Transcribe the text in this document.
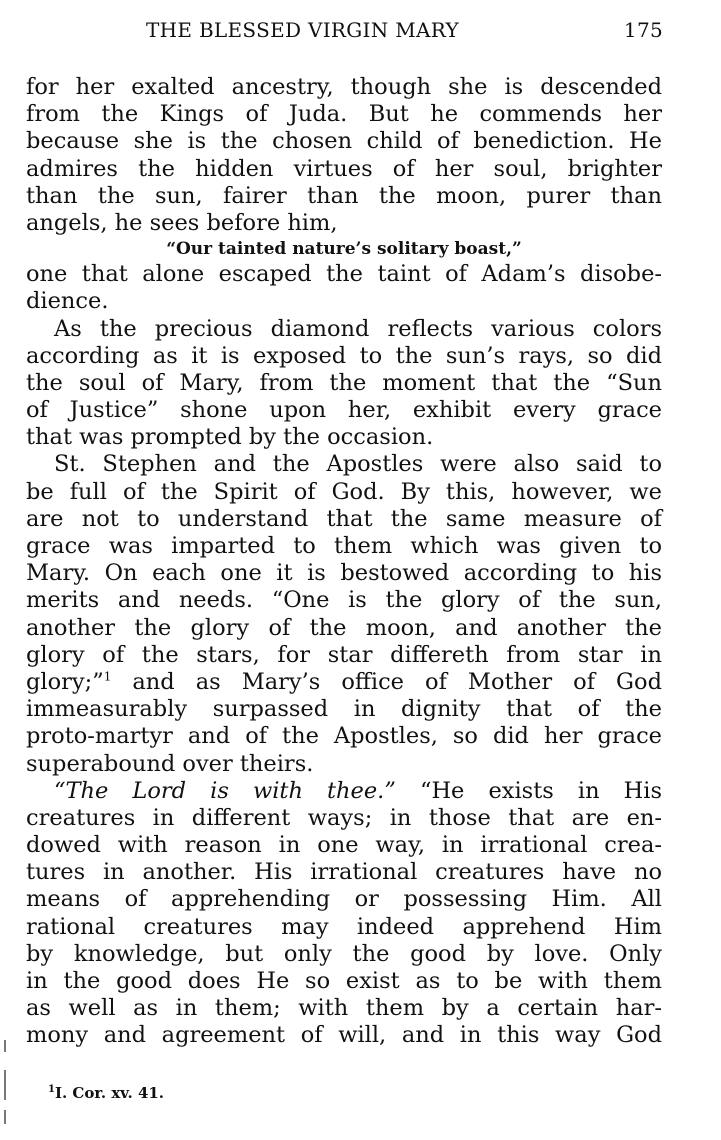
THE BLESSED VIRGIN MARY	175
for her exalted ancestry, though she is descended
from the Kings of Juda. But he commends her
because she is the chosen child of benediction. He
admires the hidden virtues of her soul, brighter
than the sun, fairer than the moon, purer than
angels, he sees before him,
“Our tainted nature’s solitary boast,”
one that alone escaped the taint of Adam’s disobe-
dience.
As the precious diamond reflects various colors
according as it is exposed to the sun’s rays, so did
the soul of Mary, from the moment that the “Sun
of Justice” shone upon her, exhibit every grace
that was prompted by the occasion.
St. Stephen and the Apostles were also said to
be full of the Spirit of God. By this, however, we
are not to understand that the same measure of
grace was imparted to them which was given to
Mary. On each one it is bestowed according to his
merits and needs. “One is the glory of the sun,
another the glory of the moon, and another the
glory of the stars, for star differeth from star in
glory;”$^1$ and as Mary’s office of Mother of God
immeasurably surpassed in dignity that of the
proto-martyr and of the Apostles, so did her grace
superabound over theirs.
“The Lord is with thee.” “He exists in His
creatures in different ways; in those that are en-
dowed with reason in one way, in irrational crea-
tures in another. His irrational creatures have no
means of apprehending or possessing Him. All
rational creatures may indeed apprehend Him
by knowledge, but only the good by love. Only
in the good does He so exist as to be with them
as well as in them; with them by a certain har-
mony and agreement of will, and in this way God
$^1$I. Cor. xv. 41.
